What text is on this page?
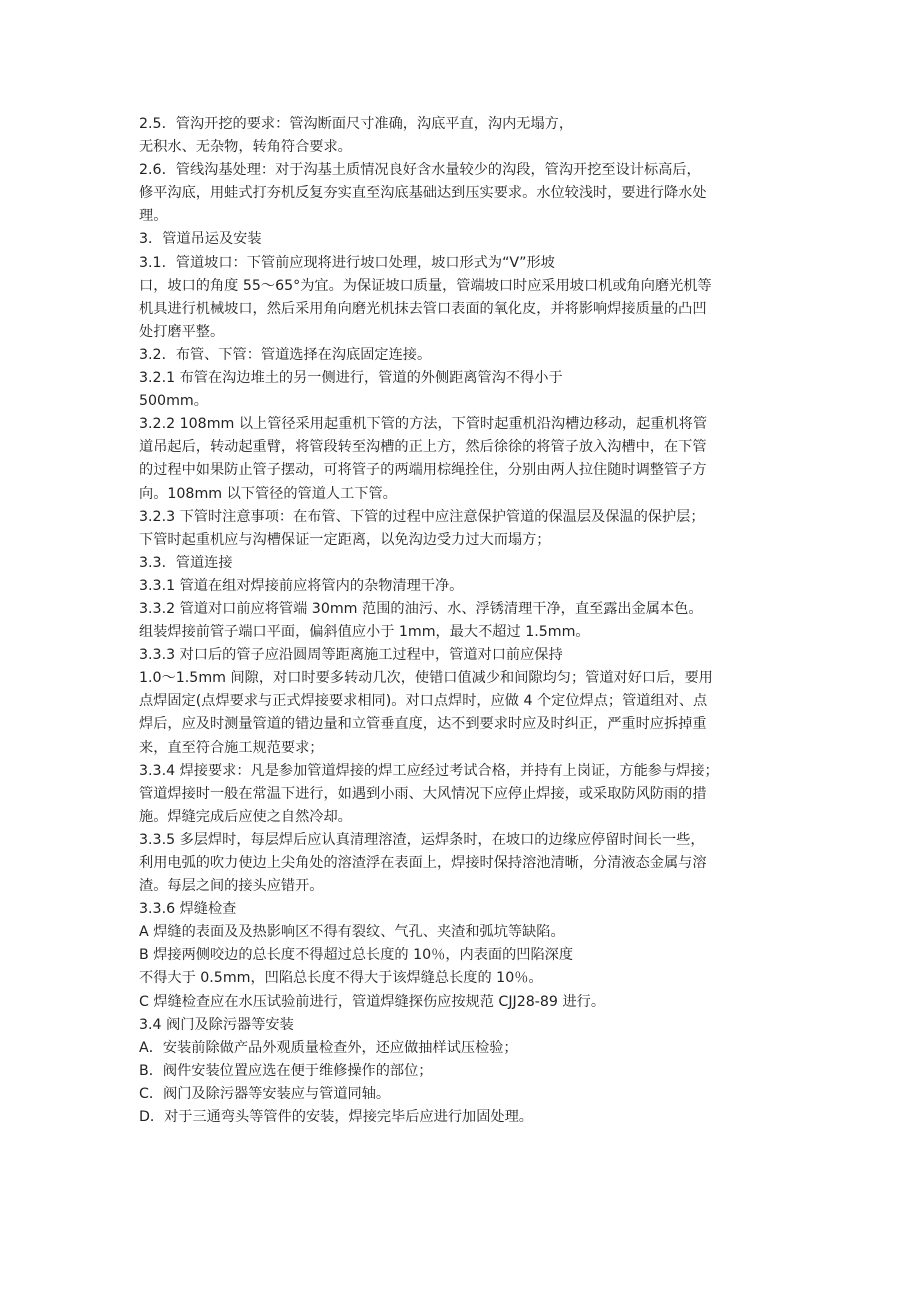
2.5．管沟开挖的要求：管沟断面尺寸准确，沟底平直，沟内无塌方，
无积水、无杂物，转角符合要求。
2.6．管线沟基处理：对于沟基土质情况良好含水量较少的沟段，管沟开挖至设计标高后，
修平沟底，用蛙式打夯机反复夯实直至沟底基础达到压实要求。水位较浅时，要进行降水处
理。
3．管道吊运及安装
3.1．管道坡口：下管前应现将进行坡口处理，坡口形式为“V”形坡
口，坡口的角度 55～65°为宜。为保证坡口质量，管端坡口时应采用坡口机或角向磨光机等
机具进行机械坡口，然后采用角向磨光机抹去管口表面的氧化皮，并将影响焊接质量的凸凹
处打磨平整。
3.2．布管、下管：管道选择在沟底固定连接。
3.2.1 布管在沟边堆土的另一侧进行，管道的外侧距离管沟不得小于
500mm。
3.2.2 108mm 以上管径采用起重机下管的方法，下管时起重机沿沟槽边移动，起重机将管
道吊起后，转动起重臂，将管段转至沟槽的正上方，然后徐徐的将管子放入沟槽中，在下管
的过程中如果防止管子摆动，可将管子的两端用棕绳拴住，分别由两人拉住随时调整管子方
向。108mm 以下管径的管道人工下管。
3.2.3 下管时注意事项：在布管、下管的过程中应注意保护管道的保温层及保温的保护层；
下管时起重机应与沟槽保证一定距离，以免沟边受力过大而塌方；
3.3．管道连接
3.3.1 管道在组对焊接前应将管内的杂物清理干净。
3.3.2 管道对口前应将管端 30mm 范围的油污、水、浮锈清理干净，直至露出金属本色。
组装焊接前管子端口平面，偏斜值应小于 1mm，最大不超过 1.5mm。
3.3.3 对口后的管子应沿圆周等距离施工过程中，管道对口前应保持
1.0～1.5mm 间隙，对口时要多转动几次，使错口值减少和间隙均匀；管道对好口后，要用
点焊固定(点焊要求与正式焊接要求相同)。对口点焊时，应做 4 个定位焊点；管道组对、点
焊后，应及时测量管道的错边量和立管垂直度，达不到要求时应及时纠正，严重时应拆掉重
来，直至符合施工规范要求；
3.3.4 焊接要求：凡是参加管道焊接的焊工应经过考试合格，并持有上岗证，方能参与焊接；
管道焊接时一般在常温下进行，如遇到小雨、大风情况下应停止焊接，或采取防风防雨的措
施。焊缝完成后应使之自然冷却。
3.3.5 多层焊时，每层焊后应认真清理溶渣，运焊条时，在坡口的边缘应停留时间长一些，
利用电弧的吹力使边上尖角处的溶渣浮在表面上，焊接时保持溶池清晰，分清液态金属与溶
渣。每层之间的接头应错开。
3.3.6 焊缝检查
A 焊缝的表面及及热影响区不得有裂纹、气孔、夹渣和弧坑等缺陷。
B 焊接两侧咬边的总长度不得超过总长度的 10％，内表面的凹陷深度
不得大于 0.5mm，凹陷总长度不得大于该焊缝总长度的 10％。
C 焊缝检查应在水压试验前进行，管道焊缝探伤应按规范 CJJ28-89 进行。
3.4 阀门及除污器等安装
A．安装前除做产品外观质量检查外，还应做抽样试压检验；
B．阀件安装位置应选在便于维修操作的部位；
C．阀门及除污器等安装应与管道同轴。
D．对于三通弯头等管件的安装，焊接完毕后应进行加固处理。
